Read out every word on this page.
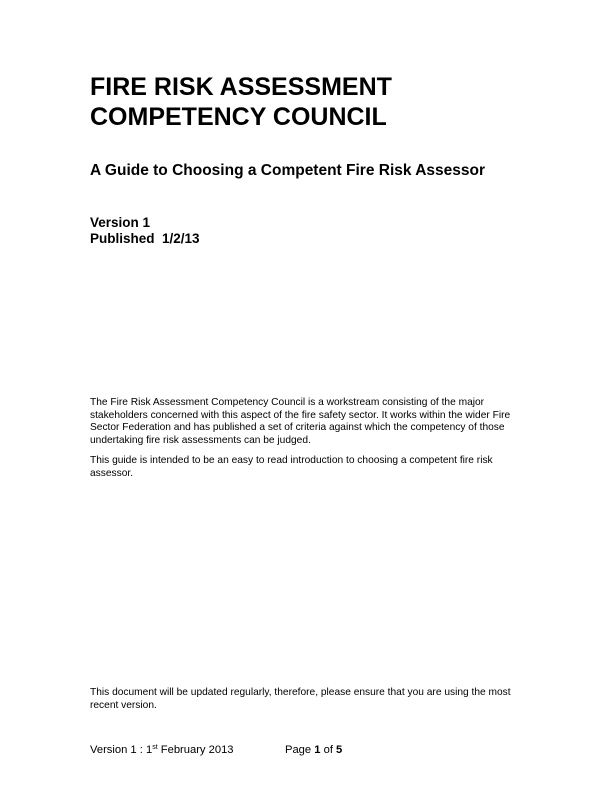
FIRE RISK ASSESSMENT
COMPETENCY COUNCIL
A Guide to Choosing a Competent Fire Risk Assessor
Version 1
Published  1/2/13

The Fire Risk Assessment Competency Council is a workstream consisting of the major stakeholders concerned with this aspect of the fire safety sector. It works within the wider Fire Sector Federation and has published a set of criteria against which the competency of those undertaking fire risk assessments can be judged.

This guide is intended to be an easy to read introduction to choosing a competent fire risk assessor.

This document will be updated regularly, therefore, please ensure that you are using the most recent version.

Version 1 : 1st February 2013	Page 1 of 5
